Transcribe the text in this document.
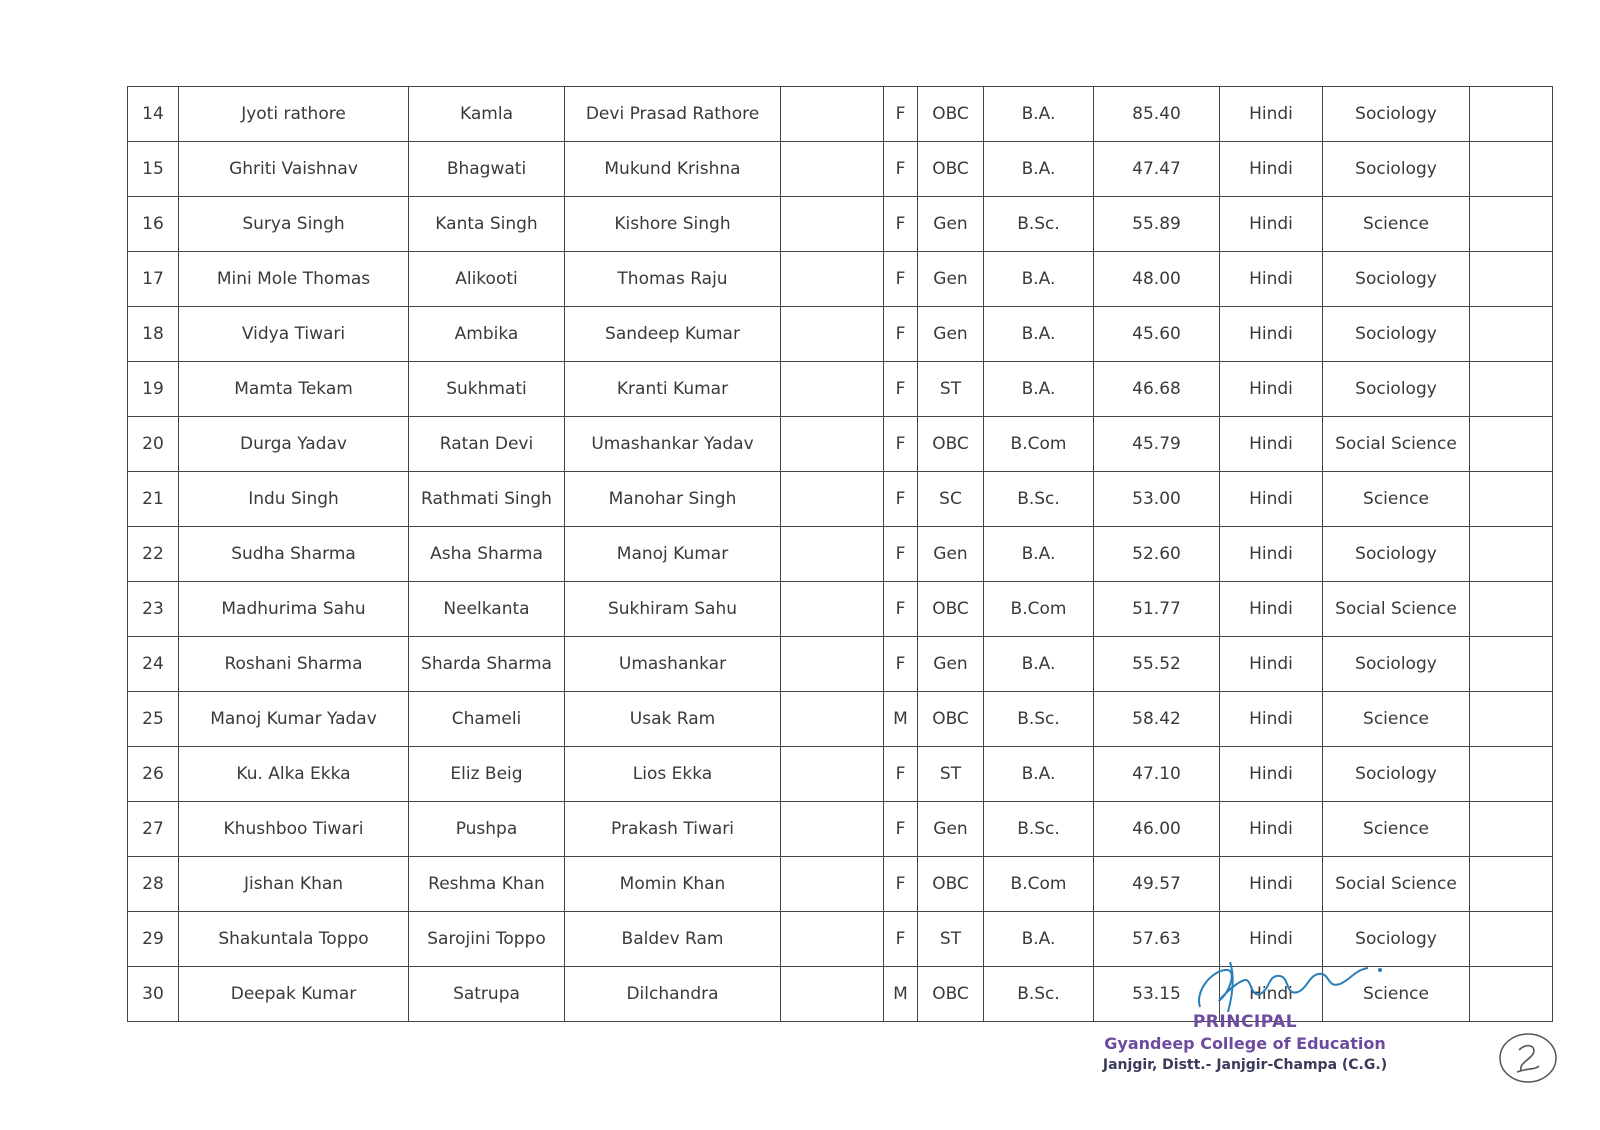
14	Jyoti rathore	Kamla	Devi Prasad Rathore		F	OBC	B.A.	85.40	Hindi	Sociology	
15	Ghriti Vaishnav	Bhagwati	Mukund Krishna		F	OBC	B.A.	47.47	Hindi	Sociology	
16	Surya Singh	Kanta Singh	Kishore Singh		F	Gen	B.Sc.	55.89	Hindi	Science	
17	Mini Mole Thomas	Alikooti	Thomas Raju		F	Gen	B.A.	48.00	Hindi	Sociology	
18	Vidya Tiwari	Ambika	Sandeep Kumar		F	Gen	B.A.	45.60	Hindi	Sociology	
19	Mamta Tekam	Sukhmati	Kranti Kumar		F	ST	B.A.	46.68	Hindi	Sociology	
20	Durga Yadav	Ratan Devi	Umashankar Yadav		F	OBC	B.Com	45.79	Hindi	Social Science	
21	Indu Singh	Rathmati Singh	Manohar Singh		F	SC	B.Sc.	53.00	Hindi	Science	
22	Sudha Sharma	Asha Sharma	Manoj Kumar		F	Gen	B.A.	52.60	Hindi	Sociology	
23	Madhurima Sahu	Neelkanta	Sukhiram Sahu		F	OBC	B.Com	51.77	Hindi	Social Science	
24	Roshani Sharma	Sharda Sharma	Umashankar		F	Gen	B.A.	55.52	Hindi	Sociology	
25	Manoj Kumar Yadav	Chameli	Usak Ram		M	OBC	B.Sc.	58.42	Hindi	Science	
26	Ku. Alka Ekka	Eliz Beig	Lios Ekka		F	ST	B.A.	47.10	Hindi	Sociology	
27	Khushboo Tiwari	Pushpa	Prakash Tiwari		F	Gen	B.Sc.	46.00	Hindi	Science	
28	Jishan Khan	Reshma Khan	Momin Khan		F	OBC	B.Com	49.57	Hindi	Social Science	
29	Shakuntala Toppo	Sarojini Toppo	Baldev Ram		F	ST	B.A.	57.63	Hindi	Sociology	
30	Deepak Kumar	Satrupa	Dilchandra		M	OBC	B.Sc.	53.15	Hindi	Science	
PRINCIPAL
Gyandeep College of Education
Janjgir, Distt.- Janjgir-Champa (C.G.)
